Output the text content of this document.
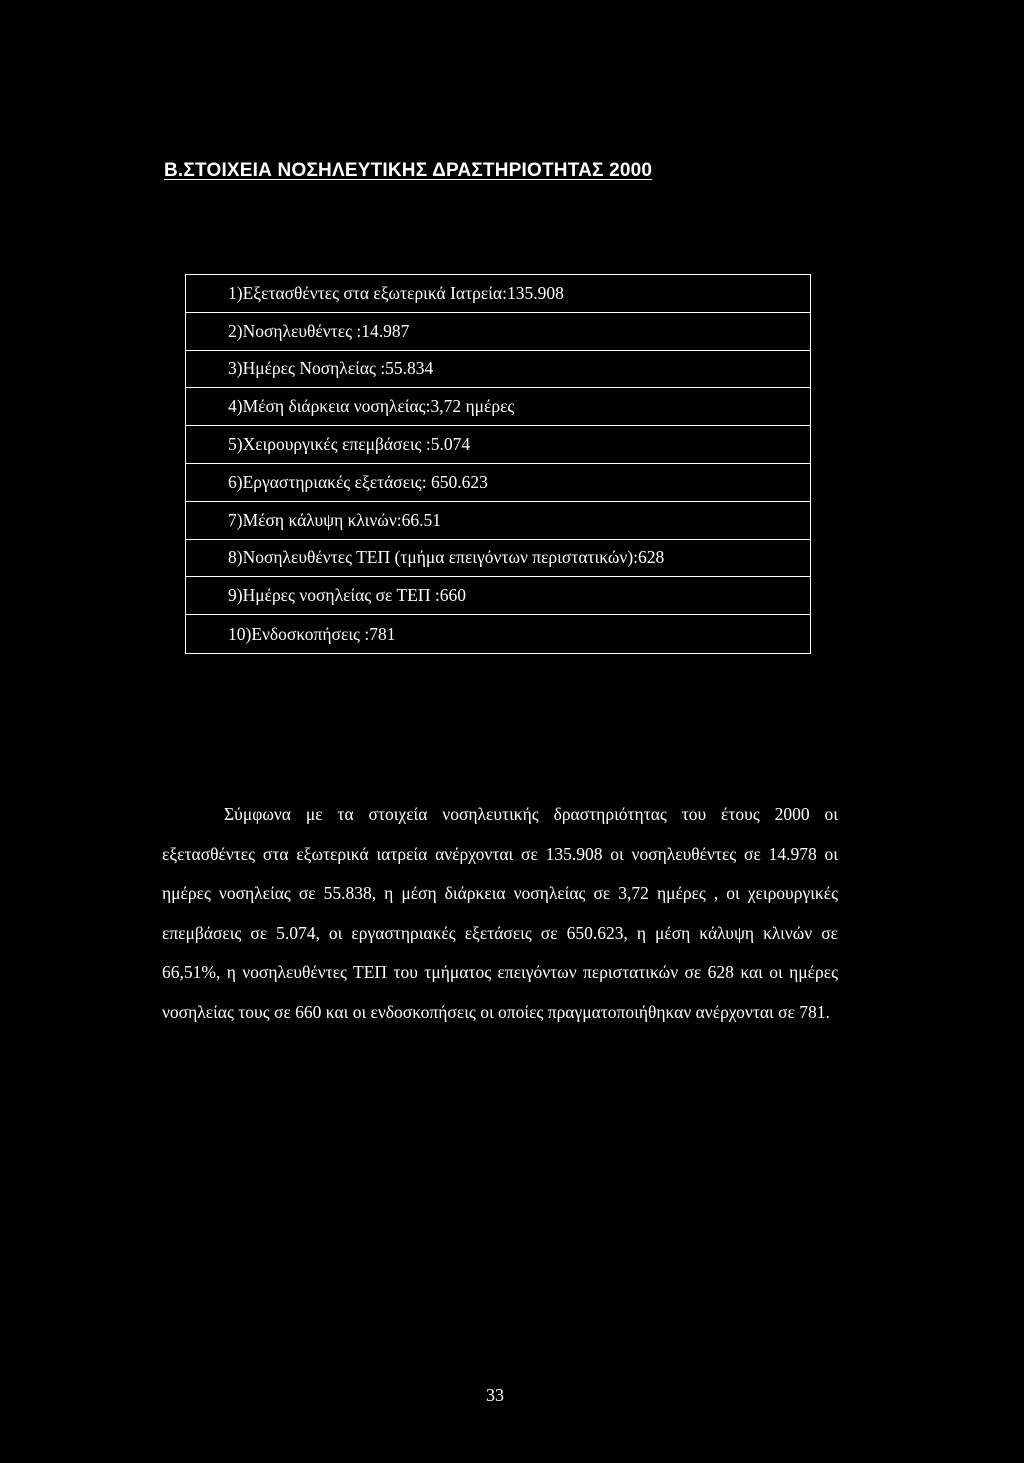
Β.ΣΤΟΙΧΕΙΑ ΝΟΣΗΛΕΥΤΙΚΗΣ ΔΡΑΣΤΗΡΙΟΤΗΤΑΣ 2000
1)Εξετασθέντες στα εξωτερικά Ιατρεία:135.908
2)Νοσηλευθέντες :14.987
3)Ημέρες Νοσηλείας :55.834
4)Μέση διάρκεια νοσηλείας:3,72 ημέρες
5)Χειρουργικές επεμβάσεις :5.074
6)Εργαστηριακές εξετάσεις: 650.623
7)Μέση κάλυψη κλινών:66.51
8)Νοσηλευθέντες ΤΕΠ (τμήμα επειγόντων περιστατικών):628
9)Ημέρες νοσηλείας σε ΤΕΠ :660
10)Ενδοσκοπήσεις :781

Σύμφωνα με τα στοιχεία νοσηλευτικής δραστηριότητας του έτους 2000 οι εξετασθέντες στα εξωτερικά ιατρεία ανέρχονται σε 135.908 οι νοσηλευθέντες σε 14.978 οι ημέρες νοσηλείας σε 55.838, η μέση διάρκεια νοσηλείας σε 3,72 ημέρες , οι χειρουργικές επεμβάσεις σε 5.074, οι εργαστηριακές εξετάσεις σε 650.623, η μέση κάλυψη κλινών σε 66,51%, η νοσηλευθέντες ΤΕΠ του τμήματος επειγόντων περιστατικών σε 628 και οι ημέρες νοσηλείας τους σε 660 και οι ενδοσκοπήσεις οι οποίες πραγματοποιήθηκαν ανέρχονται σε 781.

33
